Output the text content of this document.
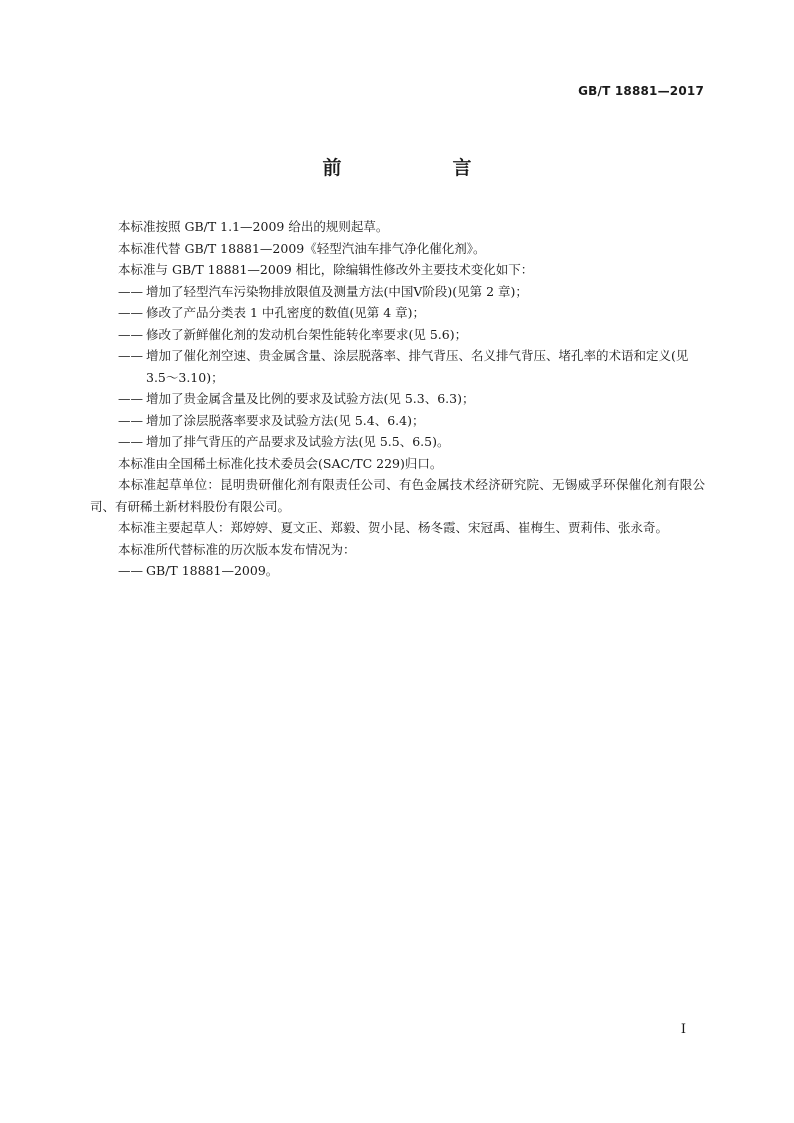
GB/T 18881—2017
前　言

本标准按照 GB/T 1.1—2009 给出的规则起草。

本标准代替 GB/T 18881—2009《轻型汽油车排气净化催化剂》。

本标准与 GB/T 18881—2009 相比，除编辑性修改外主要技术变化如下：

—— 增加了轻型汽车污染物排放限值及测量方法(中国Ⅴ阶段)(见第 2 章)；
—— 修改了产品分类表 1 中孔密度的数值(见第 4 章)；
—— 修改了新鲜催化剂的发动机台架性能转化率要求(见 5.6)；
—— 增加了催化剂空速、贵金属含量、涂层脱落率、排气背压、名义排气背压、堵孔率的术语和定义(见 3.5～3.10)；
—— 增加了贵金属含量及比例的要求及试验方法(见 5.3、6.3)；
—— 增加了涂层脱落率要求及试验方法(见 5.4、6.4)；
—— 增加了排气背压的产品要求及试验方法(见 5.5、6.5)。

本标准由全国稀土标准化技术委员会(SAC/TC 229)归口。

本标准起草单位：昆明贵研催化剂有限责任公司、有色金属技术经济研究院、无锡威孚环保催化剂有限公司、有研稀土新材料股份有限公司。

本标准主要起草人：郑婷婷、夏文正、郑毅、贺小昆、杨冬霞、宋冠禹、崔梅生、贾莉伟、张永奇。

本标准所代替标准的历次版本发布情况为：

—— GB/T 18881—2009。
I
